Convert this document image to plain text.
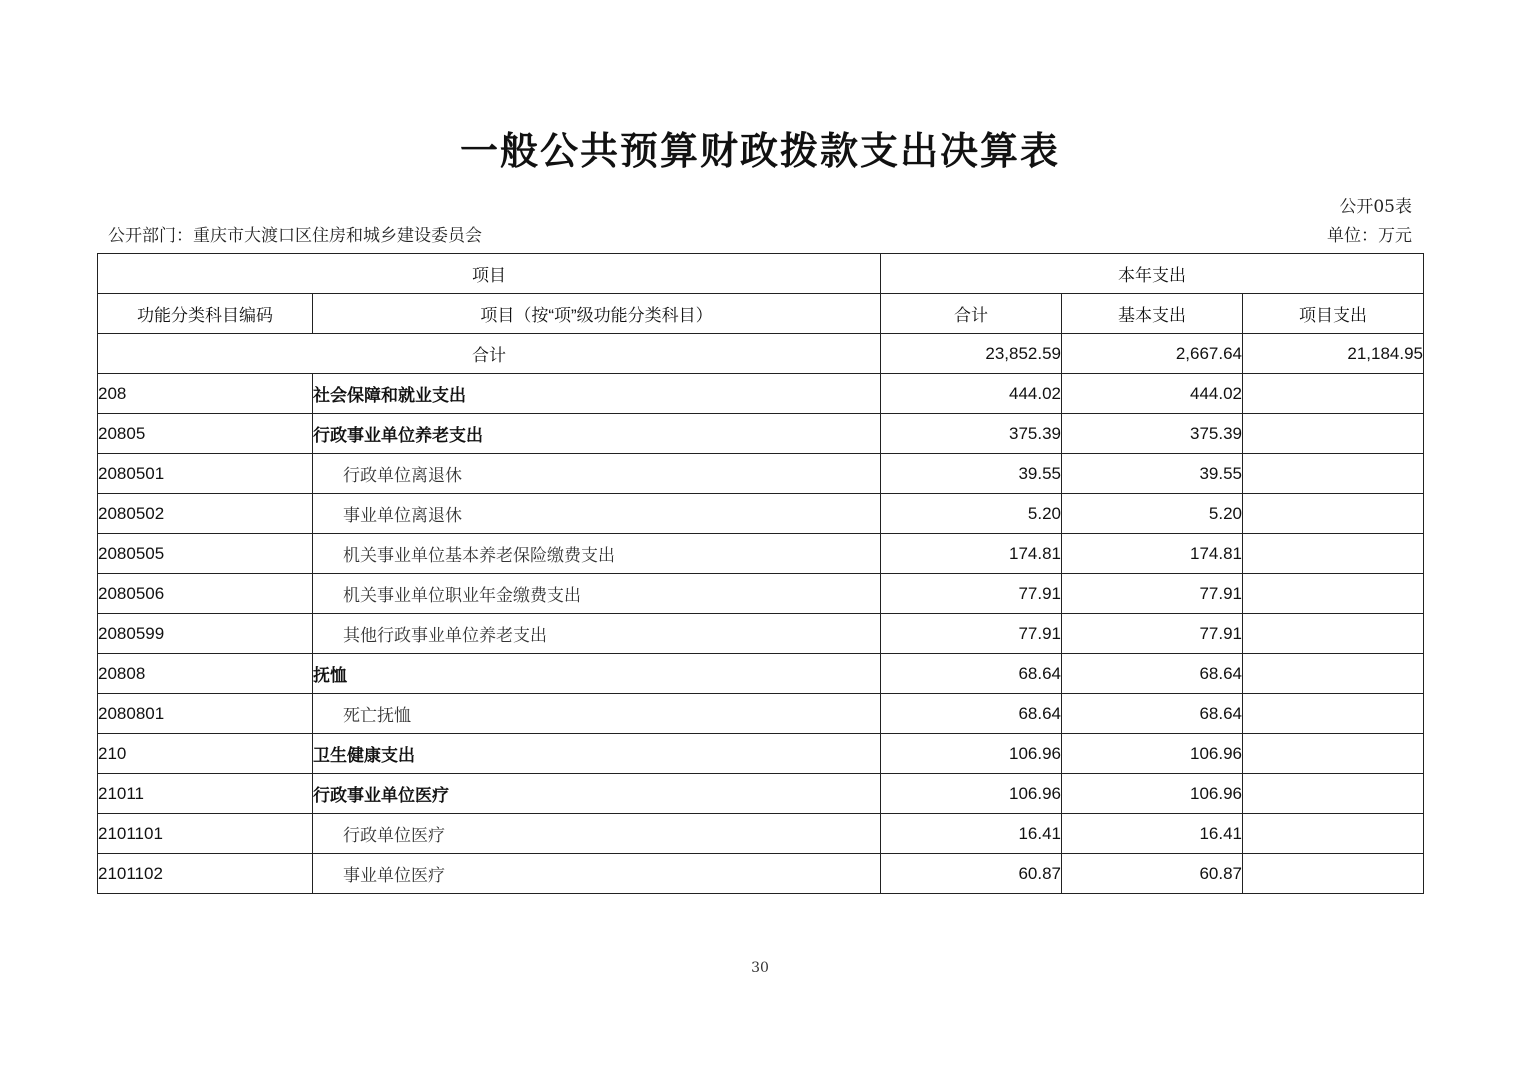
一般公共预算财政拨款支出决算表
公开05表
公开部门：重庆市大渡口区住房和城乡建设委员会	单位：万元
项目		本年支出		
功能分类科目编码	项目（按“项”级功能分类科目）	合计	基本支出	项目支出
合计		23,852.59	2,667.64	21,184.95
208	社会保障和就业支出	444.02	444.02	
20805	行政事业单位养老支出	375.39	375.39	
2080501	行政单位离退休	39.55	39.55	
2080502	事业单位离退休	5.20	5.20	
2080505	机关事业单位基本养老保险缴费支出	174.81	174.81	
2080506	机关事业单位职业年金缴费支出	77.91	77.91	
2080599	其他行政事业单位养老支出	77.91	77.91	
20808	抚恤	68.64	68.64	
2080801	死亡抚恤	68.64	68.64	
210	卫生健康支出	106.96	106.96	
21011	行政事业单位医疗	106.96	106.96	
2101101	行政单位医疗	16.41	16.41	
2101102	事业单位医疗	60.87	60.87	
30
